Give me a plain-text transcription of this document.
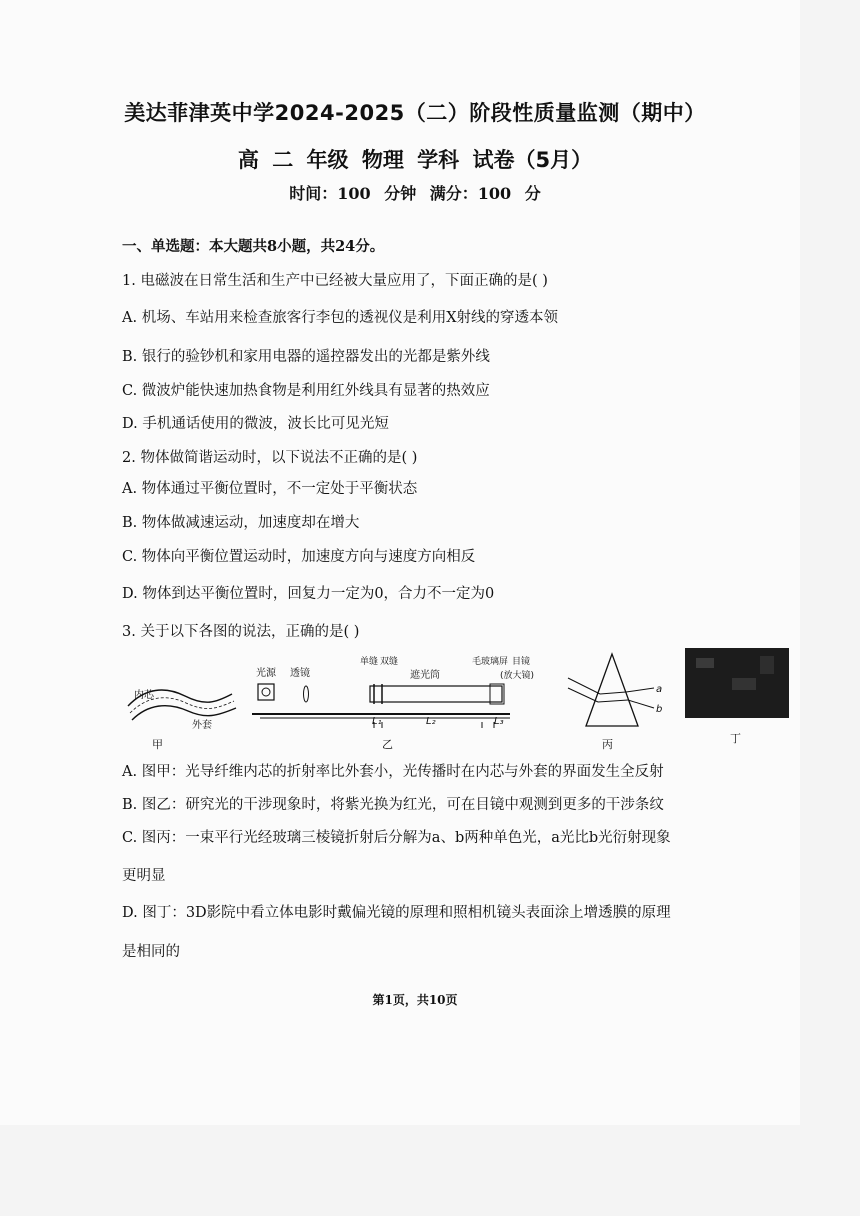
美达菲津英中学2024-2025（二）阶段性质量监测（期中）
高 二 年级 物理 学科 试卷（5月）
时间：100 分钟 满分：100 分
一、单选题：本大题共8小题，共24分。
1. 电磁波在日常生活和生产中已经被大量应用了，下面正确的是( )
A. 机场、车站用来检查旅客行李包的透视仪是利用X射线的穿透本领
B. 银行的验钞机和家用电器的遥控器发出的光都是紫外线
C. 微波炉能快速加热食物是利用红外线具有显著的热效应
D. 手机通话使用的微波，波长比可见光短
2. 物体做简谐运动时，以下说法不正确的是( )
A. 物体通过平衡位置时，不一定处于平衡状态
B. 物体做减速运动，加速度却在增大
C. 物体向平衡位置运动时，加速度方向与速度方向相反
D. 物体到达平衡位置时，回复力一定为0，合力不一定为0
3. 关于以下各图的说法，正确的是( )
内芯
外套
甲
光源 透镜
单缝 双缝
遮光筒
毛玻璃屏 目镜
(放大镜)
L₁	L₂	L₃
乙
a
b
丙	丁
A. 图甲：光导纤维内芯的折射率比外套小，光传播时在内芯与外套的界面发生全反射
B. 图乙：研究光的干涉现象时，将紫光换为红光，可在目镜中观测到更多的干涉条纹
C. 图丙：一束平行光经玻璃三棱镜折射后分解为a、b两种单色光，a光比b光衍射现象
更明显
D. 图丁：3D影院中看立体电影时戴偏光镜的原理和照相机镜头表面涂上增透膜的原理
是相同的
第1页，共10页
